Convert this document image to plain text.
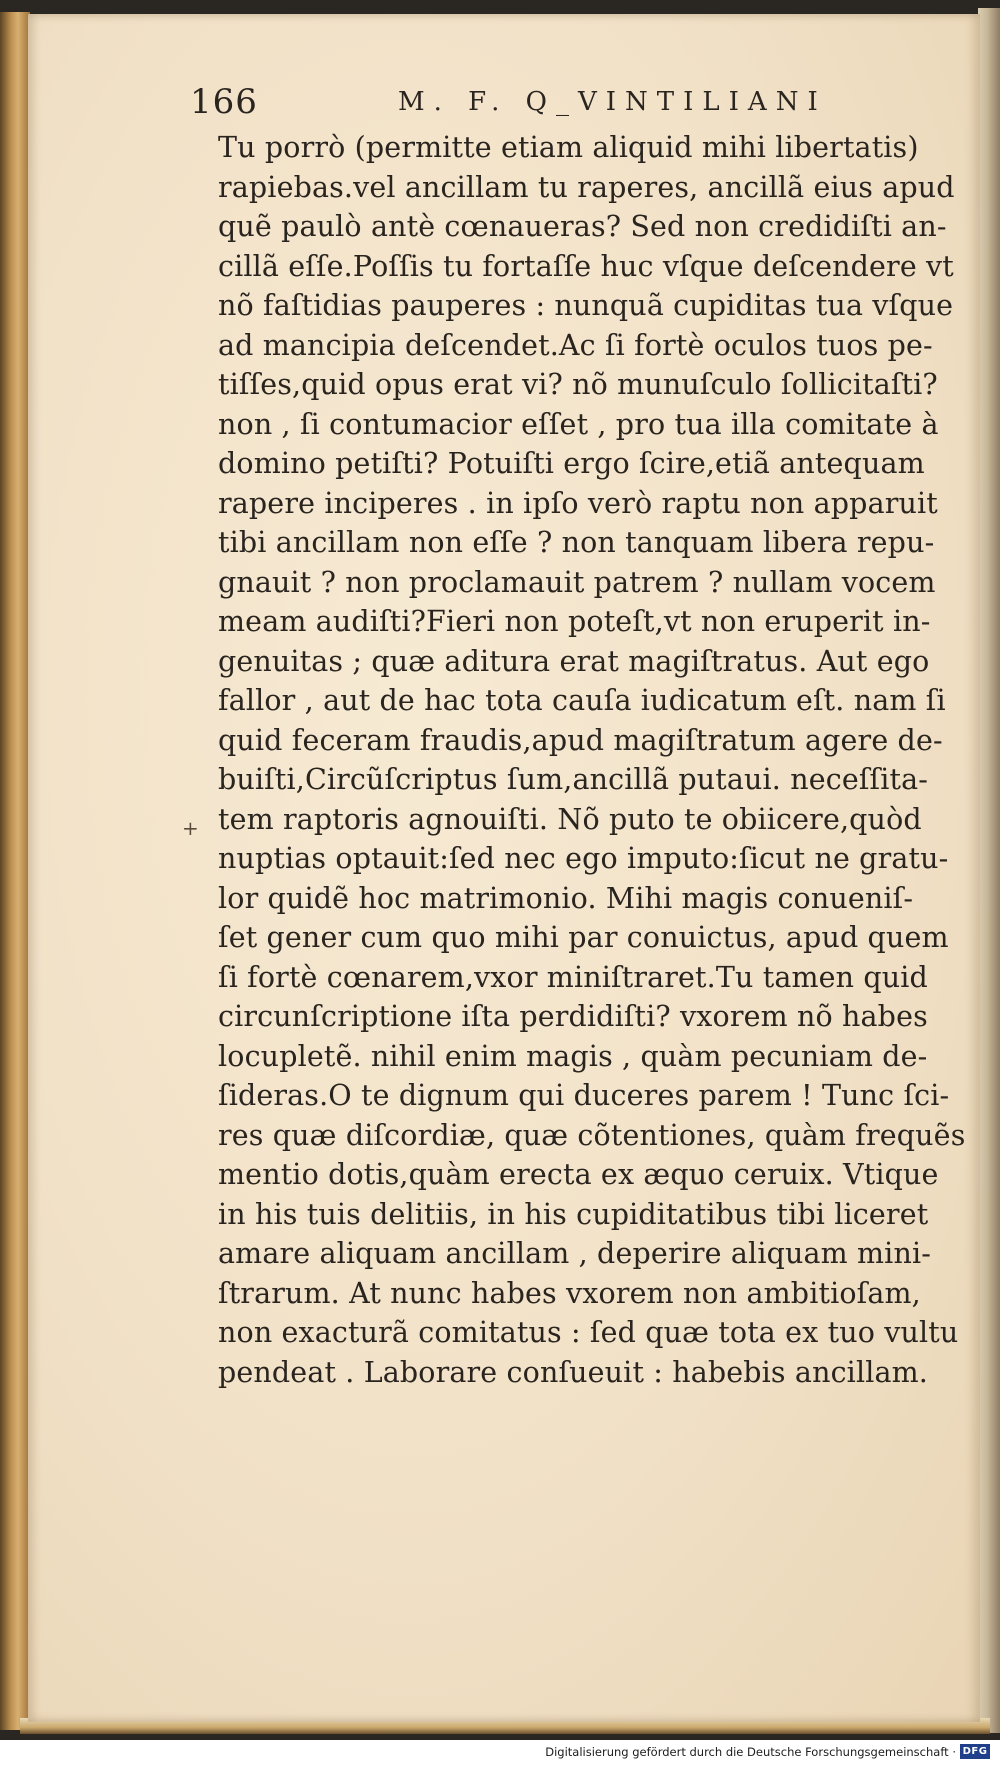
166	M. F. Q_VINTILIANI
+
Tu porrò (permitte etiam aliquid mihi libertatis)
rapiebas.vel ancillam tu raperes, ancillã eius apud
quẽ paulò antè cœnaueras? Sed non credidiſti an-
cillã eſſe.Poſſis tu fortaſſe huc vſque deſcendere vt
nõ faſtidias pauperes : nunquã cupiditas tua vſque
ad mancipia deſcendet.Ac ſi fortè oculos tuos pe-
tiſſes,quid opus erat vi? nõ munuſculo ſollicitaſti?
non , ſi contumacior eſſet , pro tua illa comitate à
domino petiſti? Potuiſti ergo ſcire,etiã antequam
rapere inciperes . in ipſo verò raptu non apparuit
tibi ancillam non eſſe ? non tanquam libera repu-
gnauit ? non proclamauit patrem ? nullam vocem
meam audiſti?Fieri non poteſt,vt non eruperit in-
genuitas ; quæ aditura erat magiſtratus. Aut ego
fallor , aut de hac tota cauſa iudicatum eſt. nam ſi
quid feceram fraudis,apud magiſtratum agere de-
buiſti,Circũſcriptus ſum,ancillã putaui. neceſſita-
tem raptoris agnouiſti. Nõ puto te obiicere,quòd
nuptias optauit:ſed nec ego imputo:ſicut ne gratu-
lor quidẽ hoc matrimonio. Mihi magis conueniſ-
ſet gener cum quo mihi par conuictus, apud quem
ſi fortè cœnarem,vxor miniſtraret.Tu tamen quid
circunſcriptione iſta perdidiſti? vxorem nõ habes
locupletẽ. nihil enim magis , quàm pecuniam de-
ſideras.O te dignum qui duceres parem ! Tunc ſci-
res quæ diſcordiæ, quæ cõtentiones, quàm frequẽs
mentio dotis,quàm erecta ex æquo ceruix. Vtique
in his tuis delitiis, in his cupiditatibus tibi liceret
amare aliquam ancillam , deperire aliquam mini-
ſtrarum. At nunc habes vxorem non ambitioſam,
non exacturã comitatus : ſed quæ tota ex tuo vultu
pendeat . Laborare conſueuit : habebis ancillam.
Digitalisierung gefördert durch die Deutsche Forschungsgemeinschaft · DFG
